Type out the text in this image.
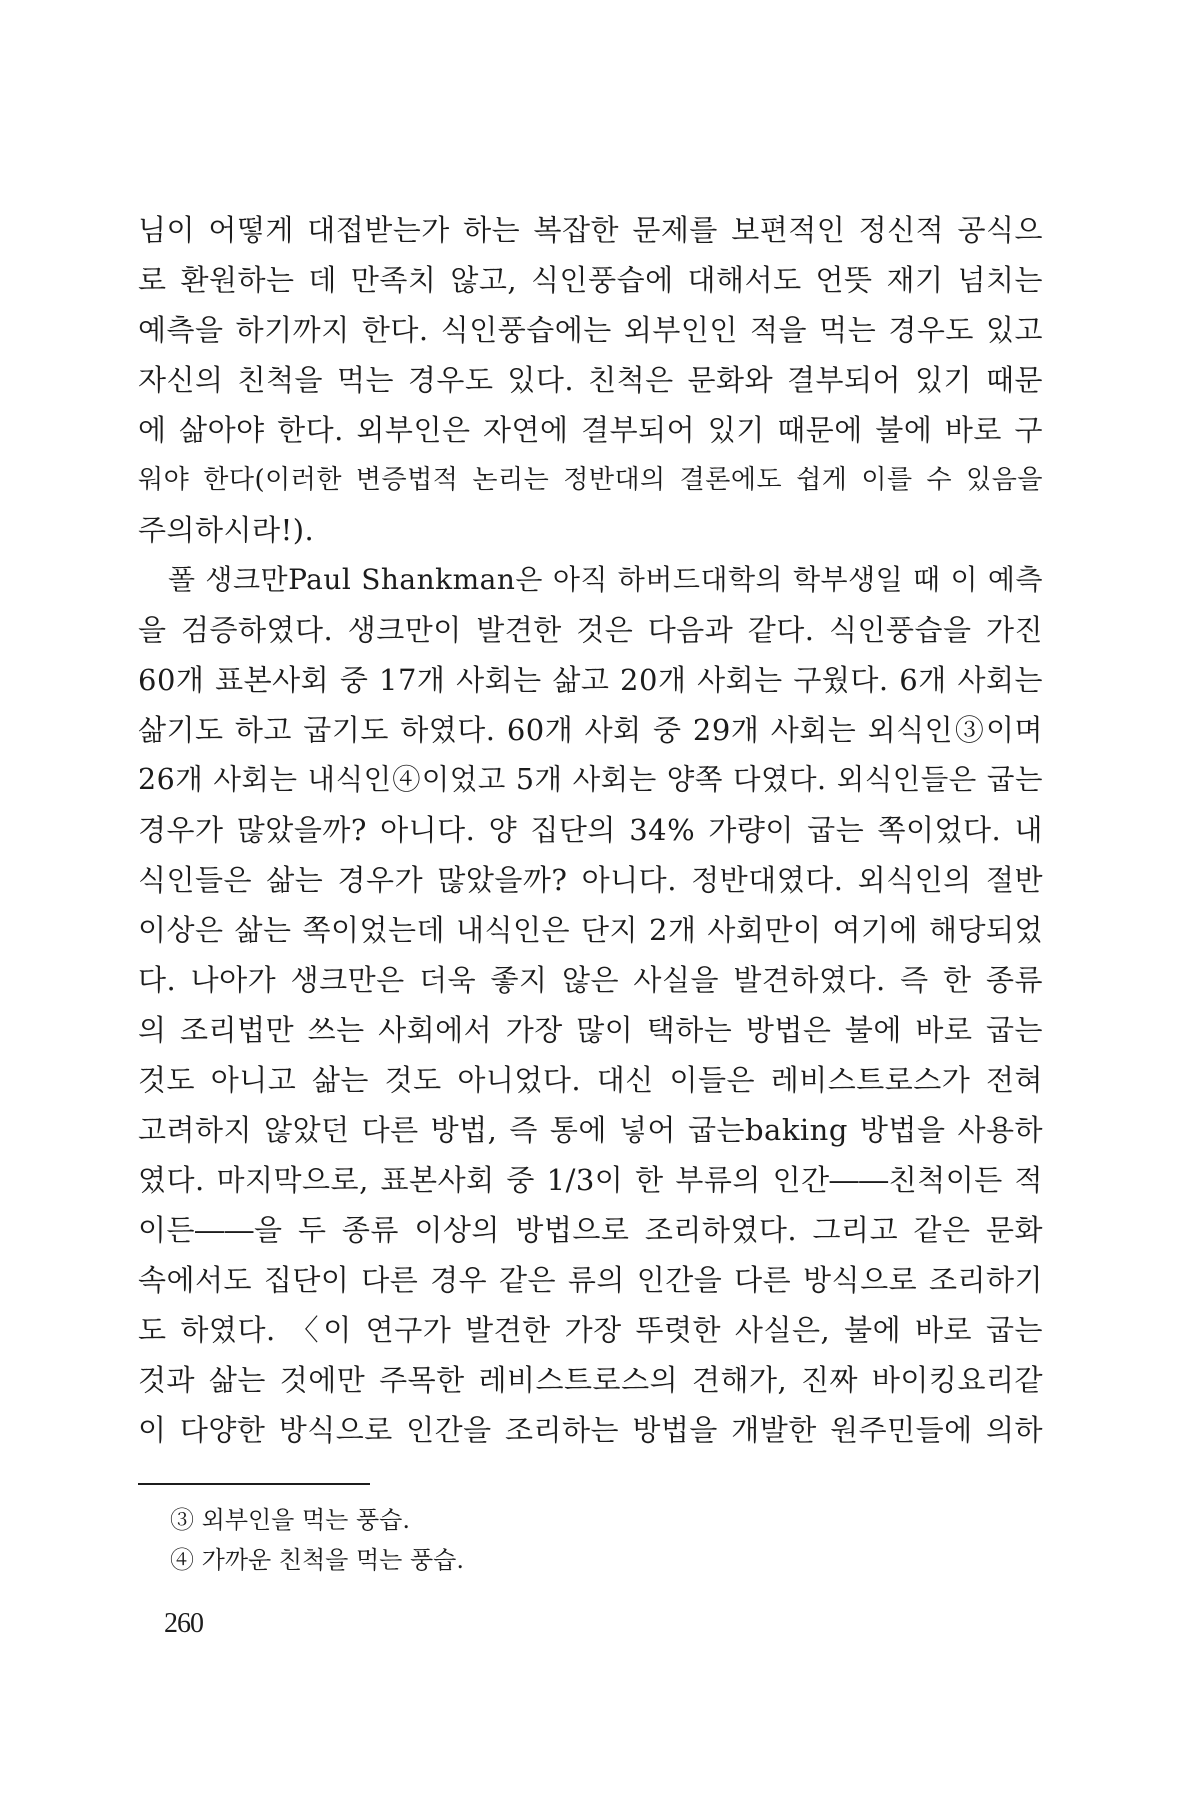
님이 어떻게 대접받는가 하는 복잡한 문제를 보편적인 정신적 공식으
로 환원하는 데 만족치 않고, 식인풍습에 대해서도 언뜻 재기 넘치는
예측을 하기까지 한다. 식인풍습에는 외부인인 적을 먹는 경우도 있고
자신의 친척을 먹는 경우도 있다. 친척은 문화와 결부되어 있기 때문
에 삶아야 한다. 외부인은 자연에 결부되어 있기 때문에 불에 바로 구
워야 한다(이러한 변증법적 논리는 정반대의 결론에도 쉽게 이를 수 있음을
주의하시라!).
폴 생크만Paul Shankman은 아직 하버드대학의 학부생일 때 이 예측
을 검증하였다. 생크만이 발견한 것은 다음과 같다. 식인풍습을 가진
60개 표본사회 중 17개 사회는 삶고 20개 사회는 구웠다. 6개 사회는
삶기도 하고 굽기도 하였다. 60개 사회 중 29개 사회는 외식인③이며
26개 사회는 내식인④이었고 5개 사회는 양쪽 다였다. 외식인들은 굽는
경우가 많았을까? 아니다. 양 집단의 34% 가량이 굽는 쪽이었다. 내
식인들은 삶는 경우가 많았을까? 아니다. 정반대였다. 외식인의 절반
이상은 삶는 쪽이었는데 내식인은 단지 2개 사회만이 여기에 해당되었
다. 나아가 생크만은 더욱 좋지 않은 사실을 발견하였다. 즉 한 종류
의 조리법만 쓰는 사회에서 가장 많이 택하는 방법은 불에 바로 굽는
것도 아니고 삶는 것도 아니었다. 대신 이들은 레비스트로스가 전혀
고려하지 않았던 다른 방법, 즉 통에 넣어 굽는baking 방법을 사용하
였다. 마지막으로, 표본사회 중 1/3이 한 부류의 인간――친척이든 적
이든――을 두 종류 이상의 방법으로 조리하였다. 그리고 같은 문화
속에서도 집단이 다른 경우 같은 류의 인간을 다른 방식으로 조리하기
도 하였다. 〈이 연구가 발견한 가장 뚜렷한 사실은, 불에 바로 굽는
것과 삶는 것에만 주목한 레비스트로스의 견해가, 진짜 바이킹요리같
이 다양한 방식으로 인간을 조리하는 방법을 개발한 원주민들에 의하
③ 외부인을 먹는 풍습.
④ 가까운 친척을 먹는 풍습.
260
